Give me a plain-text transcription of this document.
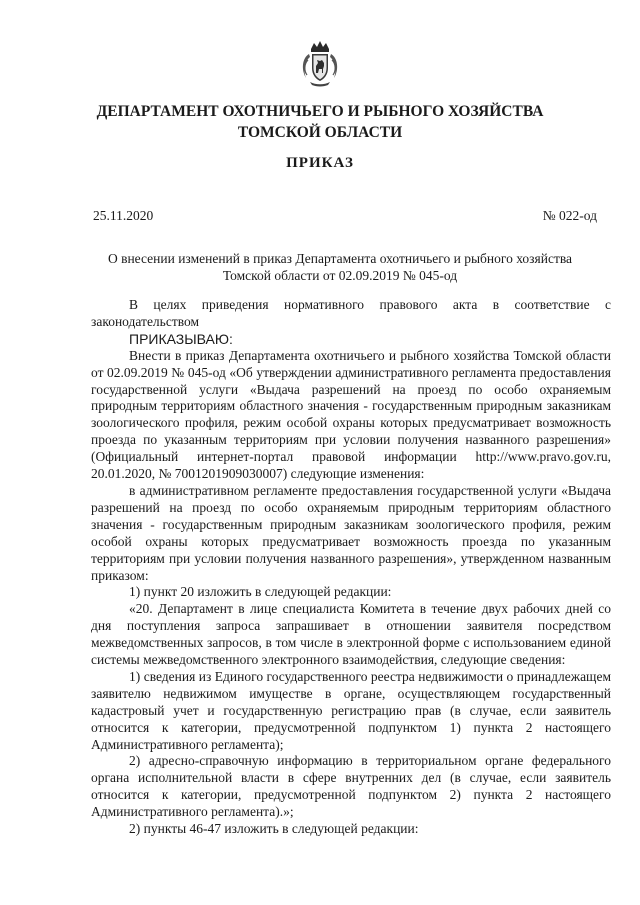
ДЕПАРТАМЕНТ ОХОТНИЧЬЕГО И РЫБНОГО ХОЗЯЙСТВА
ТОМСКОЙ ОБЛАСТИ
ПРИКАЗ
25.11.2020	№ 022-од
О внесении изменений в приказ Департамента охотничьего и рыбного хозяйства
Томской области от 02.09.2019 № 045-од

В целях приведения нормативного правового акта в соответствие с законодательством

ПРИКАЗЫВАЮ:

Внести в приказ Департамента охотничьего и рыбного хозяйства Томской области от 02.09.2019 № 045-од «Об утверждении административного регламента предоставления государственной услуги «Выдача разрешений на проезд по особо охраняемым природным территориям областного значения - государственным природным заказникам зоологического профиля, режим особой охраны которых предусматривает возможность проезда по указанным территориям при условии получения названного разрешения» (Официальный интернет-портал правовой информации http://www.pravo.gov.ru, 20.01.2020, № 7001201909030007) следующие изменения:

в административном регламенте предоставления государственной услуги «Выдача разрешений на проезд по особо охраняемым природным территориям областного значения - государственным природным заказникам зоологического профиля, режим особой охраны которых предусматривает возможность проезда по указанным территориям при условии получения названного разрешения», утвержденном названным приказом:

1) пункт 20 изложить в следующей редакции:

«20. Департамент в лице специалиста Комитета в течение двух рабочих дней со дня поступления запроса запрашивает в отношении заявителя посредством межведомственных запросов, в том числе в электронной форме с использованием единой системы межведомственного электронного взаимодействия, следующие сведения:

1) сведения из Единого государственного реестра недвижимости о принадлежащем заявителю недвижимом имуществе в органе, осуществляющем государственный кадастровый учет и государственную регистрацию прав (в случае, если заявитель относится к категории, предусмотренной подпунктом 1) пункта 2 настоящего Административного регламента);

2) адресно-справочную информацию в территориальном органе федерального органа исполнительной власти в сфере внутренних дел (в случае, если заявитель относится к категории, предусмотренной подпунктом 2) пункта 2 настоящего Административного регламента).»;

2) пункты 46-47 изложить в следующей редакции:
